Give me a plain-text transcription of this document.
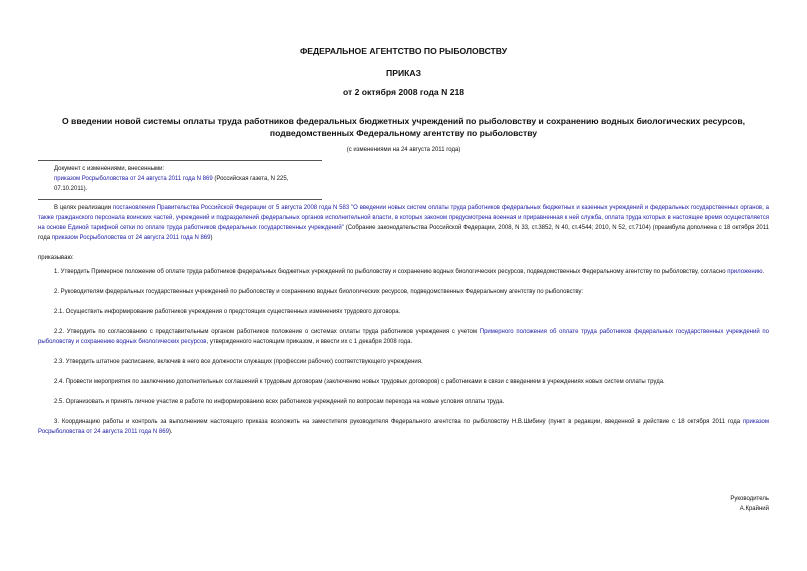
ФЕДЕРАЛЬНОЕ АГЕНТСТВО ПО РЫБОЛОВСТВУ
ПРИКАЗ
от 2 октября 2008 года N 218
О введении новой системы оплаты труда работников федеральных бюджетных учреждений по рыболовству и сохранению водных биологических ресурсов, подведомственных Федеральному агентству по рыболовству
(с изменениями на 24 августа 2011 года)
Документ с изменениями, внесенными:
приказом Росрыболовства от 24 августа 2011 года N 869 (Российская газета, N 225, 07.10.2011).

В целях реализации постановления Правительства Российской Федерации от 5 августа 2008 года N 583 "О введении новых систем оплаты труда работников федеральных бюджетных и казенных учреждений и федеральных государственных органов, а также гражданского персонала воинских частей, учреждений и подразделений федеральных органов исполнительной власти, в которых законом предусмотрена военная и приравненная к ней служба, оплата труда которых в настоящее время осуществляется на основе Единой тарифной сетки по оплате труда работников федеральных государственных учреждений" (Собрание законодательства Российской Федерации, 2008, N 33, ст.3852, N 40, ст.4544; 2010, N 52, ст.7104) (преамбула дополнена с 18 октября 2011 года приказом Росрыболовства от 24 августа 2011 года N 869)

приказываю:

1. Утвердить Примерное положение об оплате труда работников федеральных бюджетных учреждений по рыболовству и сохранению водных биологических ресурсов, подведомственных Федеральному агентству по рыболовству, согласно приложению.

2. Руководителям федеральных государственных учреждений по рыболовству и сохранению водных биологических ресурсов, подведомственных Федеральному агентству по рыболовству:

2.1. Осуществить информирование работников учреждения о предстоящих существенных изменениях трудового договора.

2.2. Утвердить по согласованию с представительным органом работников положение о системах оплаты труда работников учреждения с учетом Примерного положения об оплате труда работников федеральных государственных учреждений по рыболовству и сохранению водных биологических ресурсов, утвержденного настоящим приказом, и ввести их с 1 декабря 2008 года.

2.3. Утвердить штатное расписание, включив в него все должности служащих (профессии рабочих) соответствующего учреждения.

2.4. Провести мероприятия по заключению дополнительных соглашений к трудовым договорам (заключению новых трудовых договоров) с работниками в связи с введением в учреждениях новых систем оплаты труда.

2.5. Организовать и принять личное участие в работе по информированию всех работников учреждений по вопросам перехода на новые условия оплаты труда.

3. Координацию работы и контроль за выполнением настоящего приказа возложить на заместителя руководителя Федерального агентства по рыболовству Н.В.Шибину (пункт в редакции, введенной в действие с 18 октября 2011 года приказом Росрыболовства от 24 августа 2011 года N 869).

Руководитель
А.Крайний
